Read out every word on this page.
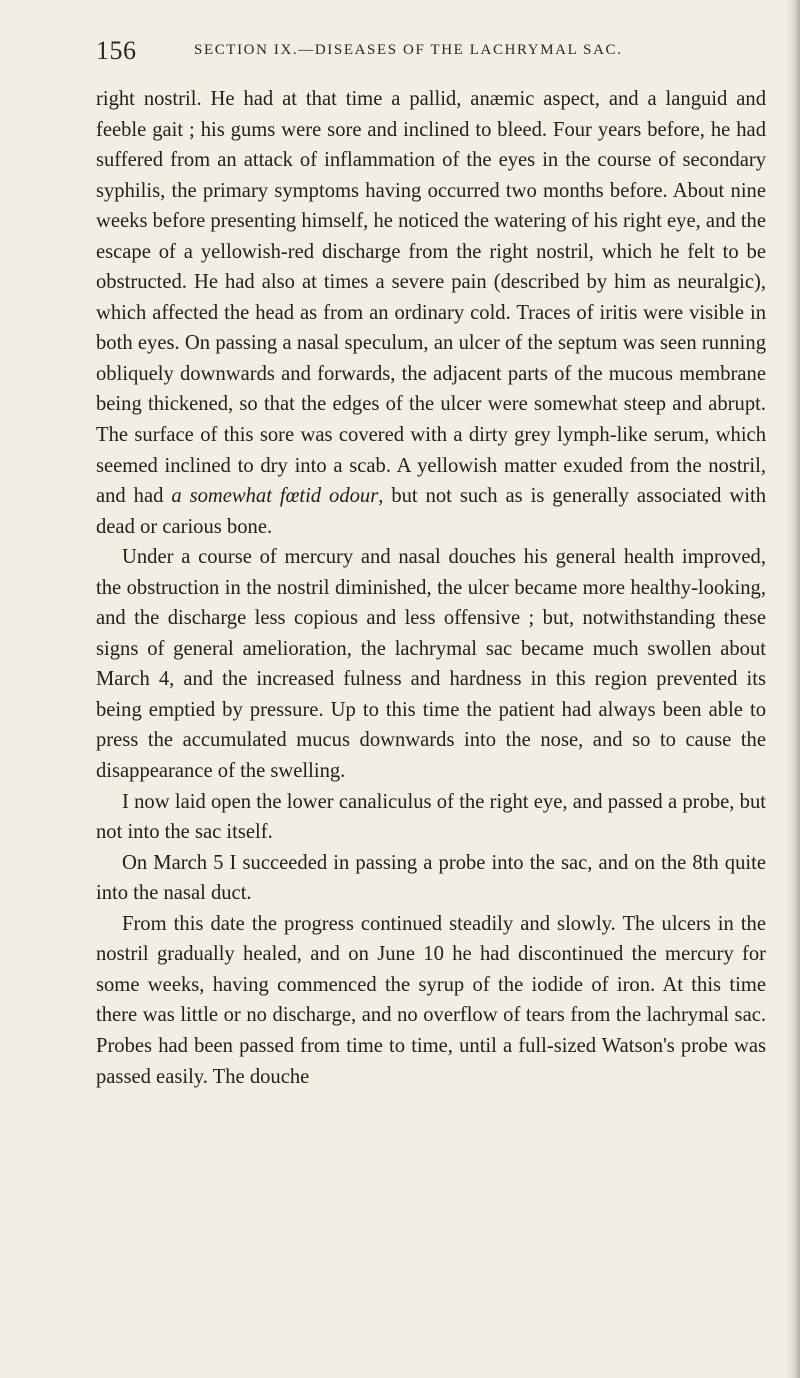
156	SECTION IX.—DISEASES OF THE LACHRYMAL SAC.

right nostril. He had at that time a pallid, anæmic aspect, and a languid and feeble gait ; his gums were sore and inclined to bleed. Four years before, he had suffered from an attack of inflammation of the eyes in the course of secondary syphilis, the primary symptoms having occurred two months before. About nine weeks before presenting himself, he noticed the watering of his right eye, and the escape of a yellowish-red discharge from the right nostril, which he felt to be obstructed. He had also at times a severe pain (described by him as neuralgic), which affected the head as from an ordinary cold. Traces of iritis were visible in both eyes. On passing a nasal speculum, an ulcer of the septum was seen running obliquely downwards and forwards, the adjacent parts of the mucous membrane being thickened, so that the edges of the ulcer were somewhat steep and abrupt. The surface of this sore was covered with a dirty grey lymph-like serum, which seemed inclined to dry into a scab. A yellowish matter exuded from the nostril, and had a somewhat fœtid odour, but not such as is generally associated with dead or carious bone.

Under a course of mercury and nasal douches his general health improved, the obstruction in the nostril diminished, the ulcer became more healthy-looking, and the discharge less copious and less offensive ; but, notwithstanding these signs of general amelioration, the lachrymal sac became much swollen about March 4, and the increased fulness and hardness in this region prevented its being emptied by pressure. Up to this time the patient had always been able to press the accumulated mucus downwards into the nose, and so to cause the disappearance of the swelling.

I now laid open the lower canaliculus of the right eye, and passed a probe, but not into the sac itself.

On March 5 I succeeded in passing a probe into the sac, and on the 8th quite into the nasal duct.

From this date the progress continued steadily and slowly. The ulcers in the nostril gradually healed, and on June 10 he had discontinued the mercury for some weeks, having commenced the syrup of the iodide of iron. At this time there was little or no discharge, and no overflow of tears from the lachrymal sac. Probes had been passed from time to time, until a full-sized Watson's probe was passed easily. The douche
